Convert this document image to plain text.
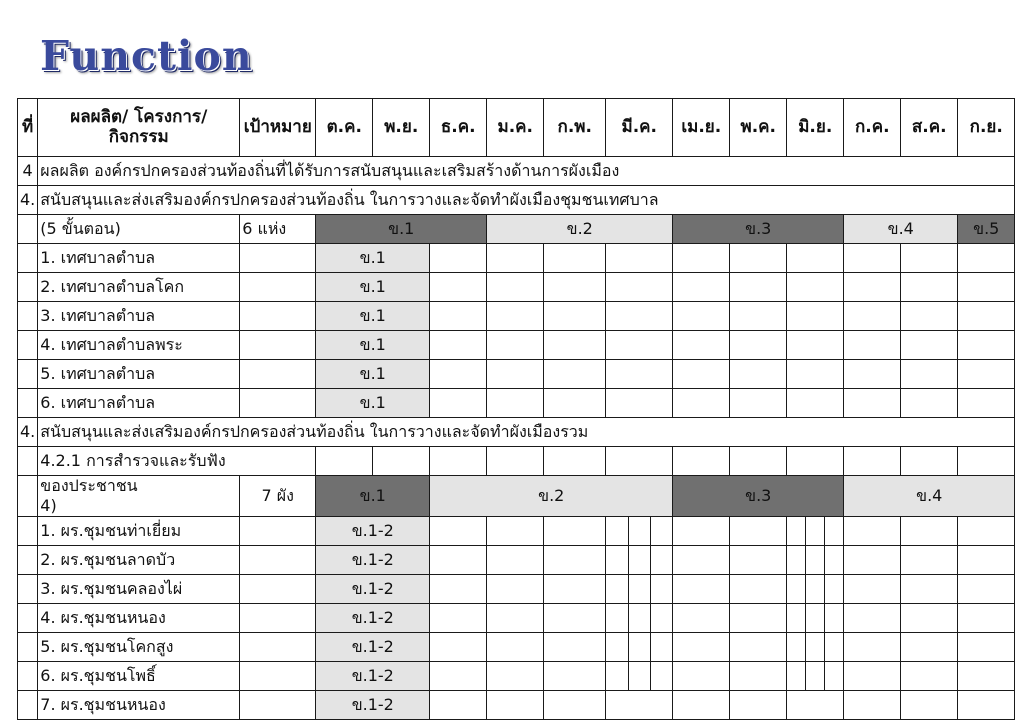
Function
ที่	ผลผลิต/ โครงการ/กิจกรรม	เป้าหมาย	ต.ค.	พ.ย.	ธ.ค.	ม.ค.	ก.พ.	มี.ค.	เม.ย.	พ.ค.	มิ.ย.	ก.ค.	ส.ค.	ก.ย.
4	ผลผลิต องค์กรปกครองส่วนท้องถิ่นที่ได้รับการสนับสนุนและเสริมสร้างด้านการผังเมือง													
4.	สนับสนุนและส่งเสริมองค์กรปกครองส่วนท้องถิ่น ในการวางและจัดทำผังเมืองชุมชนเทศบาล													
	(5 ขั้นตอน)	6 แห่ง	ข.1			ข.2			ข.3			ข.4		ข.5
	1. เทศบาลตำบล		ข.1											
	2. เทศบาลตำบลโคก		ข.1											
	3. เทศบาลตำบล		ข.1											
	4. เทศบาลตำบลพระ		ข.1											
	5. เทศบาลตำบล		ข.1											
	6. เทศบาลตำบล		ข.1											
4.	สนับสนุนและส่งเสริมองค์กรปกครองส่วนท้องถิ่น ในการวางและจัดทำผังเมืองรวม													
	4.2.1 การสำรวจและรับฟัง													
	ของประชาชน
4)	7 ผัง	ข.1		ข.2				ข.3			ข.4		
	1. ผร.ชุมชนท่าเยี่ยม		ข.1-2					

	2. ผร.ชุมชนลาดบัว		ข.1-2					

	3. ผร.ชุมชนคลองไผ่		ข.1-2					

	4. ผร.ชุมชนหนอง		ข.1-2					

	5. ผร.ชุมชนโคกสูง		ข.1-2					

	6. ผร.ชุมชนโพธิ์		ข.1-2					

	7. ผร.ชุมชนหนอง		ข.1-2											
